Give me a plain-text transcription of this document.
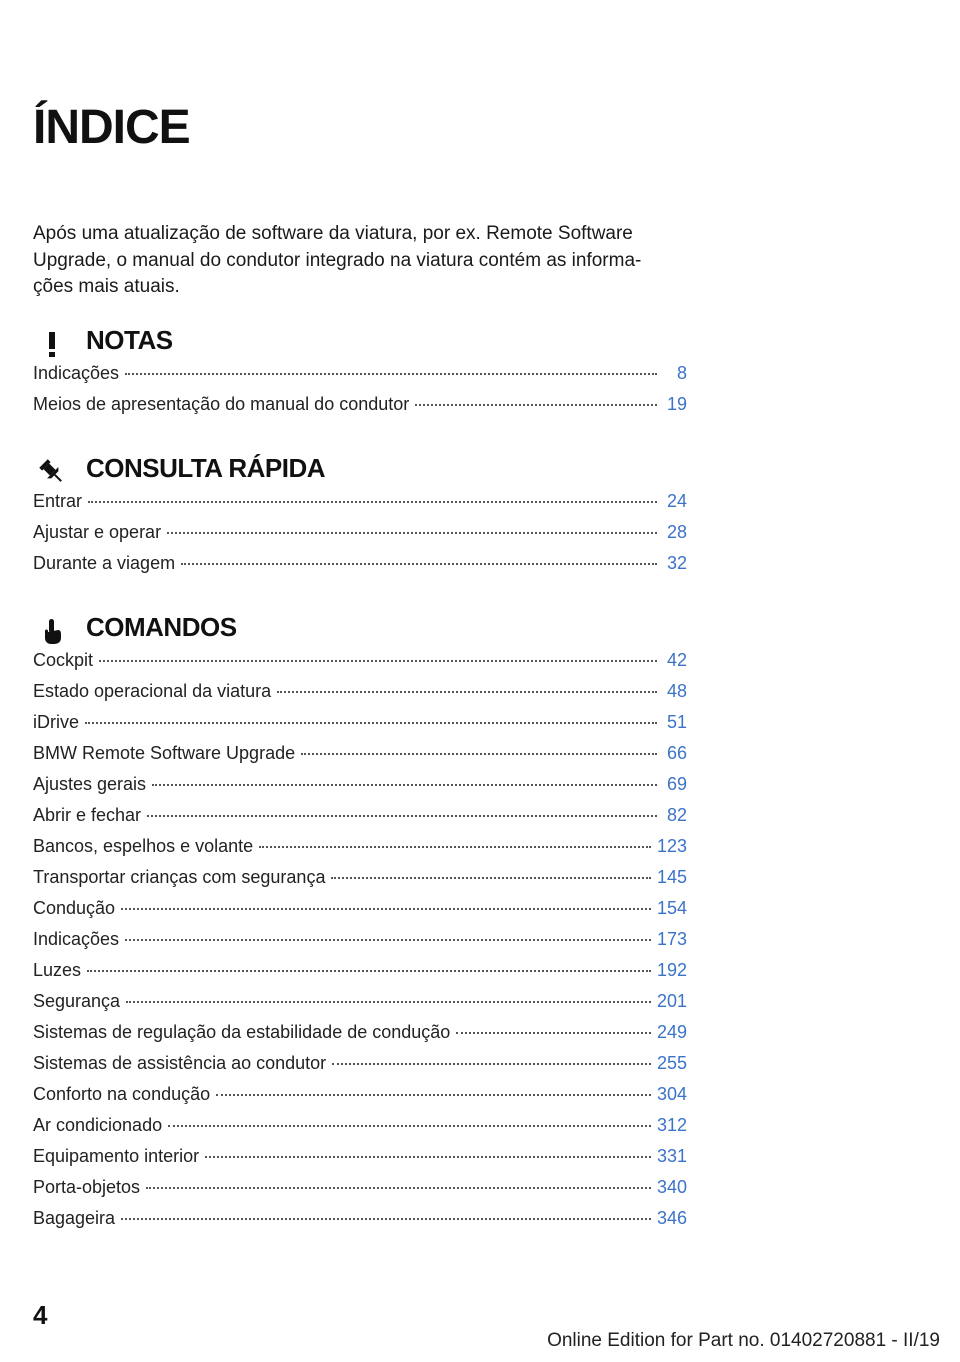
ÍNDICE

Após uma atualização de software da viatura, por ex. Remote Software Upgrade, o manual do condutor integrado na viatura contém as informa- ções mais atuais.

NOTAS
Indicações	8
Meios de apresentação do manual do condutor	19
CONSULTA RÁPIDA
Entrar	24
Ajustar e operar	28
Durante a viagem	32
COMANDOS
Cockpit	42
Estado operacional da viatura	48
iDrive	51
BMW Remote Software Upgrade	66
Ajustes gerais	69
Abrir e fechar	82
Bancos, espelhos e volante	123
Transportar crianças com segurança	145
Condução	154
Indicações	173
Luzes	192
Segurança	201
Sistemas de regulação da estabilidade de condução	249
Sistemas de assistência ao condutor	255
Conforto na condução	304
Ar condicionado	312
Equipamento interior	331
Porta-objetos	340
Bagageira	346

4

Online Edition for Part no. 01402720881 - II/19
